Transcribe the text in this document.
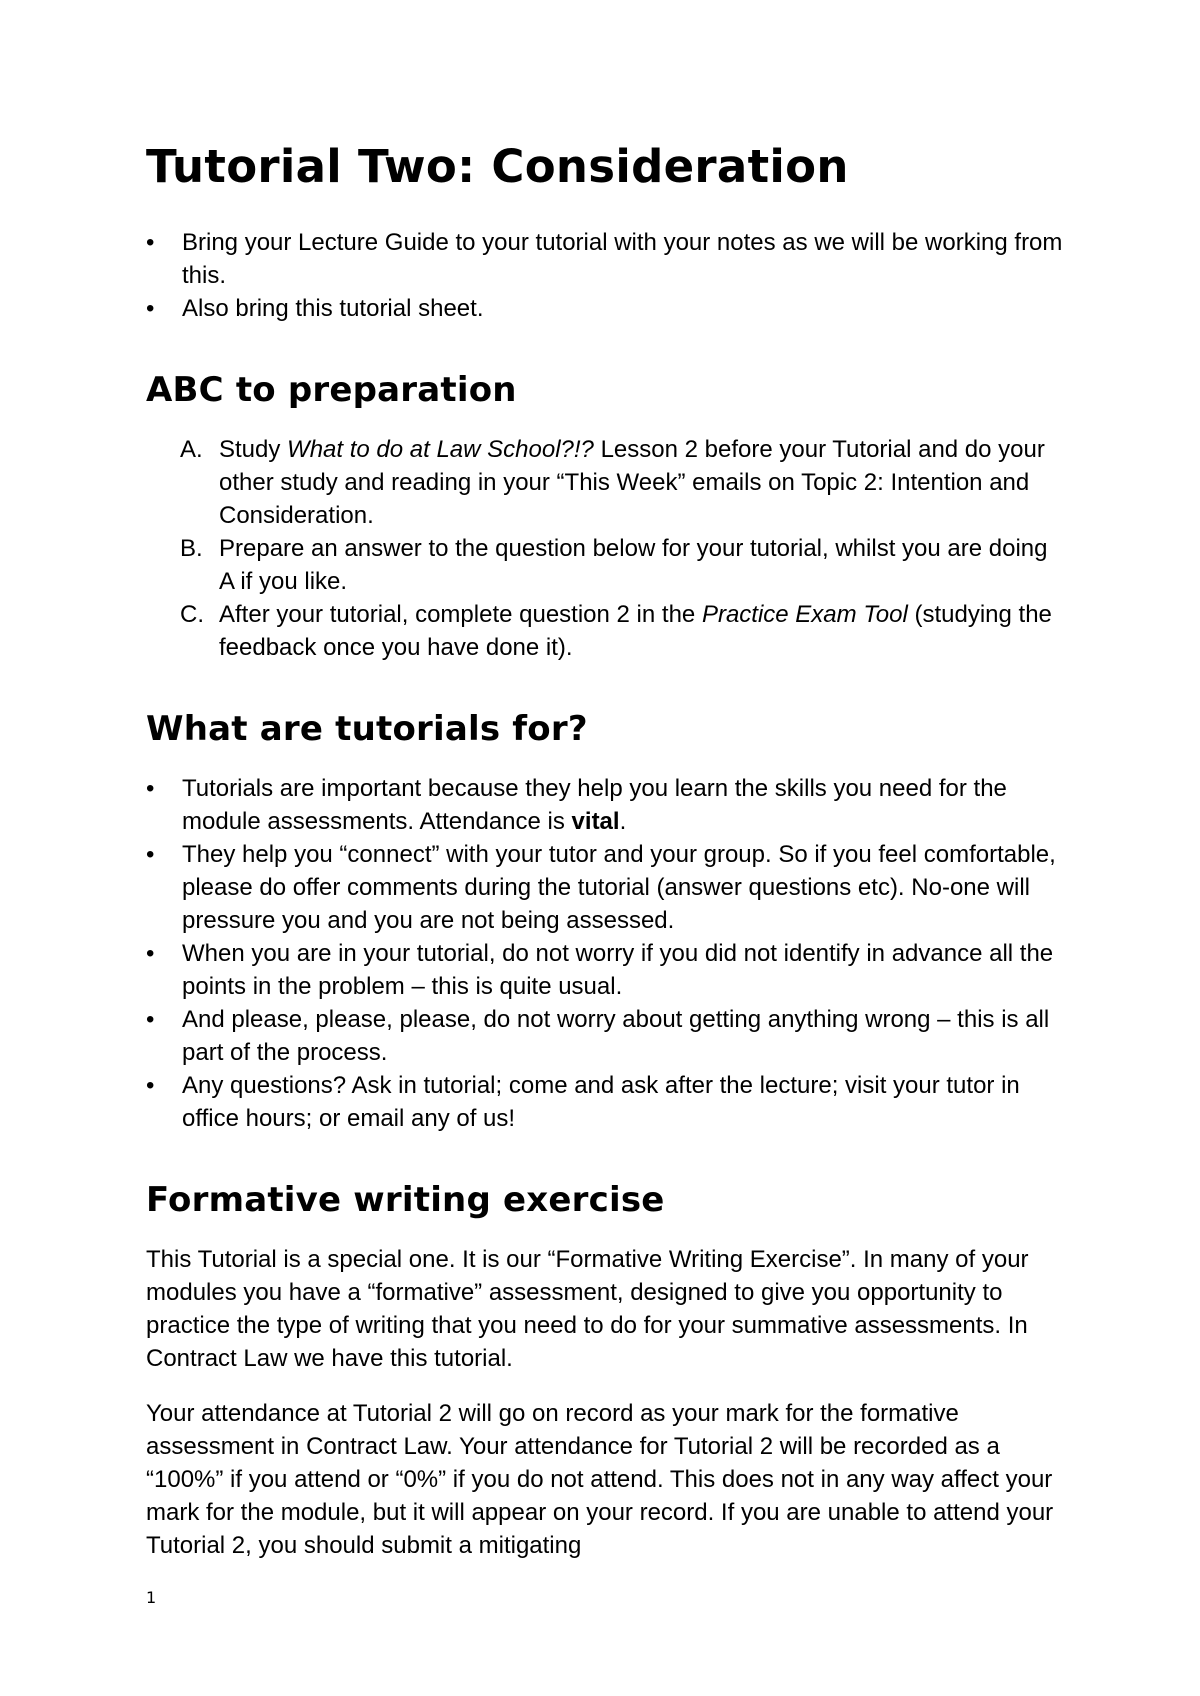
Tutorial Two: Consideration
•	Bring your Lecture Guide to your tutorial with your notes as we will be working from this.
•	Also bring this tutorial sheet.
ABC to preparation
A. Study What to do at Law School?!? Lesson 2 before your Tutorial and do your other study and reading in your “This Week” emails on Topic 2: Intention and Consideration.
B. Prepare an answer to the question below for your tutorial, whilst you are doing A if you like.
C. After your tutorial, complete question 2 in the Practice Exam Tool (studying the feedback once you have done it).
What are tutorials for?
•	Tutorials are important because they help you learn the skills you need for the module assessments. Attendance is vital.
•	They help you “connect” with your tutor and your group. So if you feel comfortable, please do offer comments during the tutorial (answer questions etc). No-one will pressure you and you are not being assessed.
•	When you are in your tutorial, do not worry if you did not identify in advance all the points in the problem – this is quite usual.
•	And please, please, please, do not worry about getting anything wrong – this is all part of the process.
•	Any questions? Ask in tutorial; come and ask after the lecture; visit your tutor in office hours; or email any of us!
Formative writing exercise

This Tutorial is a special one. It is our “Formative Writing Exercise”. In many of your modules you have a “formative” assessment, designed to give you opportunity to practice the type of writing that you need to do for your summative assessments. In Contract Law we have this tutorial.

Your attendance at Tutorial 2 will go on record as your mark for the formative assessment in Contract Law. Your attendance for Tutorial 2 will be recorded as a “100%” if you attend or “0%” if you do not attend. This does not in any way affect your mark for the module, but it will appear on your record. If you are unable to attend your Tutorial 2, you should submit a mitigating

1
